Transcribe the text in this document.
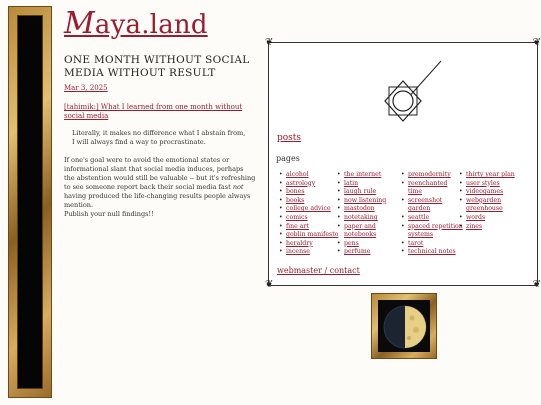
Maya.land
ONE MONTH WITHOUT SOCIAL MEDIA WITHOUT RESULT
Mar 3, 2025
[tahimik:] What I learned from one month without social media
Literally, it makes no difference what I abstain from, I will always find a way to procrastinate.

If one's goal were to avoid the emotional states or informational slant that social media induces, perhaps the abstention would still be valuable -- but it's refreshing to see someone report back their social media fast not having produced the life-changing results people always mention.

Publish your null findings!!
❦	❦
❦	❦
posts
pages
• alcohol
• astrology
• bones
• books
• college advice
• comics
• fine art
• goblin manifesto
• heraldry
• incense
• the internet
• latin
• laugh rule
• now listening
• mastodon
• notetaking
• paper and notebooks
• pens
• perfume
• premodernity
• reenchanted time
• screenshot garden
• seattle
• spaced repetition systems
• tarot
• technical notes
• thirty year plan
• user styles
• videogames
• webgarden greenhouse
• words
• zines
webmaster / contact
